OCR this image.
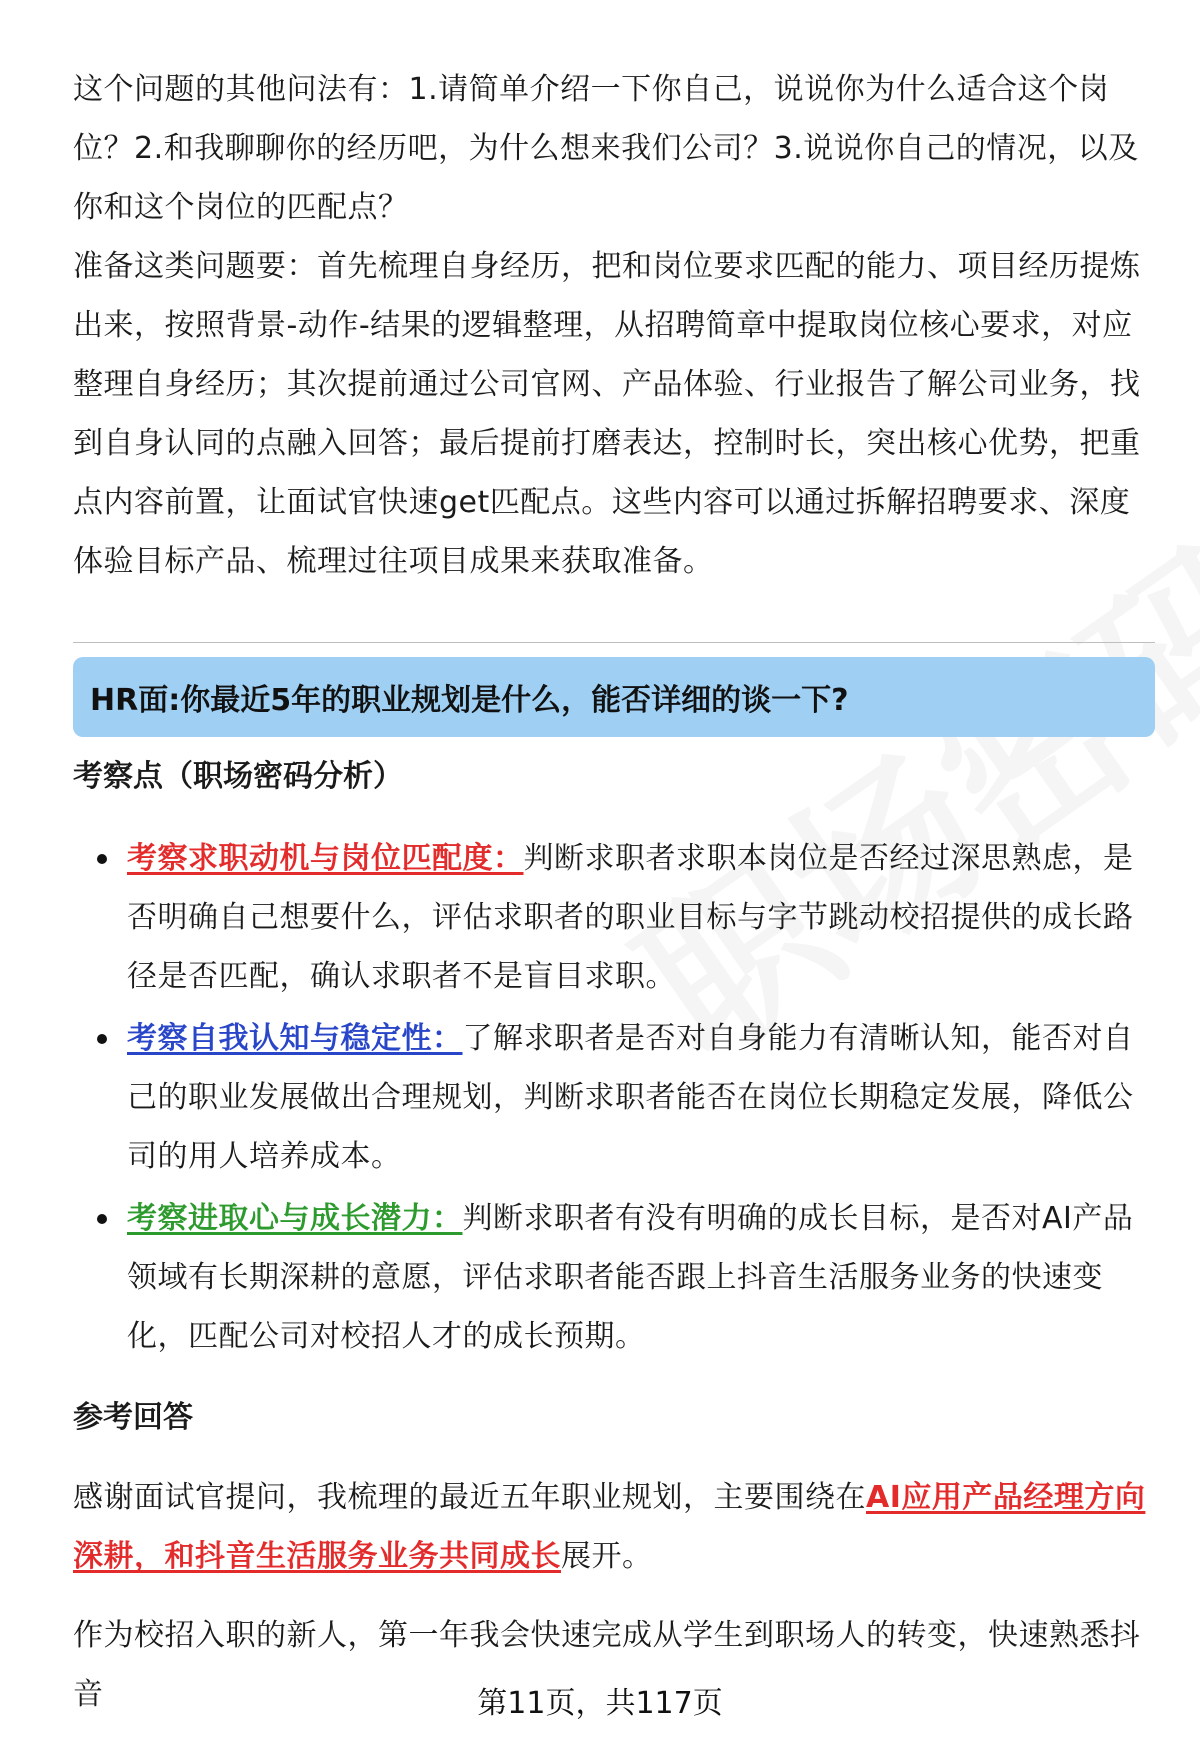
这个问题的其他问法有：1.请简单介绍一下你自己，说说你为什么适合这个岗位？2.和我聊聊你的经历吧，为什么想来我们公司？3.说说你自己的情况，以及你和这个岗位的匹配点？

准备这类问题要：首先梳理自身经历，把和岗位要求匹配的能力、项目经历提炼出来，按照背景-动作-结果的逻辑整理，从招聘简章中提取岗位核心要求，对应整理自身经历；其次提前通过公司官网、产品体验、行业报告了解公司业务，找到自身认同的点融入回答；最后提前打磨表达，控制时长，突出核心优势，把重点内容前置，让面试官快速get匹配点。这些内容可以通过拆解招聘要求、深度体验目标产品、梳理过往项目成果来获取准备。

HR面:你最近5年的职业规划是什么，能否详细的谈一下?
考察点（职场密码分析）
考察求职动机与岗位匹配度：判断求职者求职本岗位是否经过深思熟虑，是否明确自己想要什么，评估求职者的职业目标与字节跳动校招提供的成长路径是否匹配，确认求职者不是盲目求职。
考察自我认知与稳定性：了解求职者是否对自身能力有清晰认知，能否对自己的职业发展做出合理规划，判断求职者能否在岗位长期稳定发展，降低公司的用人培养成本。
考察进取心与成长潜力：判断求职者有没有明确的成长目标，是否对AI产品领域有长期深耕的意愿，评估求职者能否跟上抖音生活服务业务的快速变化，匹配公司对校招人才的成长预期。
参考回答

感谢面试官提问，我梳理的最近五年职业规划，主要围绕在AI应用产品经理方向深耕，和抖音生活服务业务共同成长展开。

作为校招入职的新人，第一年我会快速完成从学生到职场人的转变，快速熟悉抖音	第11页，共117页
